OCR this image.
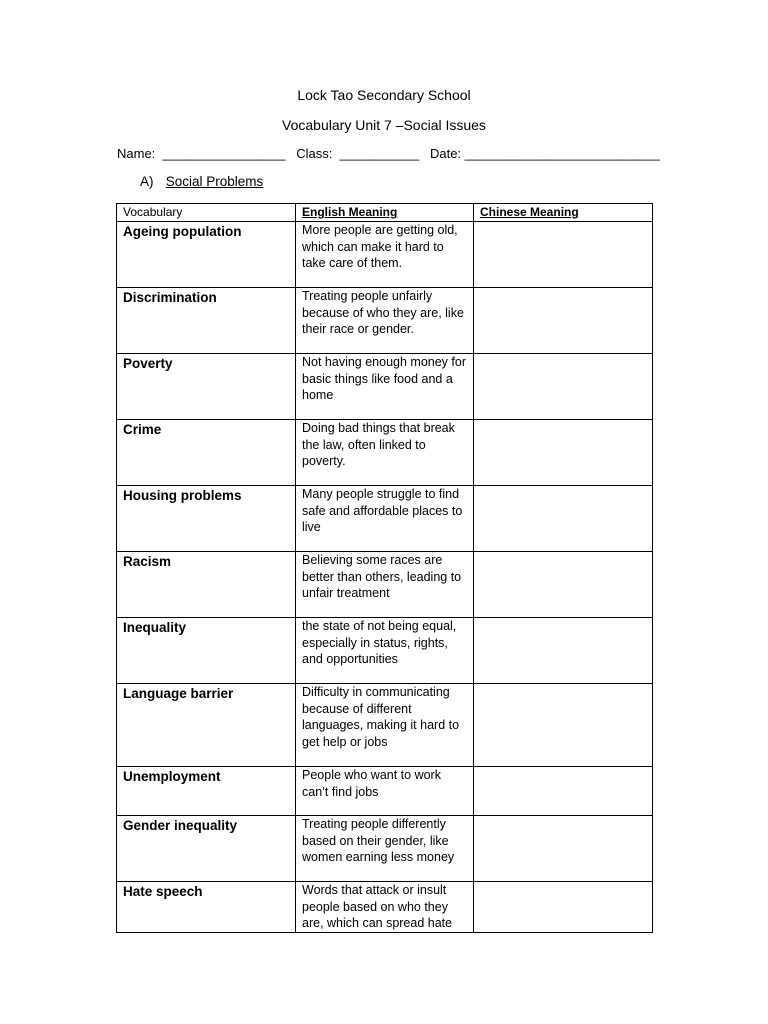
Lock Tao Secondary School
Vocabulary Unit 7 –Social Issues
Name:  _________________   Class:  ___________   Date: ___________________________
A) Social Problems
Vocabulary	English Meaning	Chinese Meaning
Ageing population	More people are getting old, which can make it hard to take care of them.	
Discrimination	Treating people unfairly because of who they are, like their race or gender.	
Poverty	Not having enough money for basic things like food and a home	
Crime	Doing bad things that break the law, often linked to poverty.	
Housing problems	Many people struggle to find safe and affordable places to live	
Racism	Believing some races are better than others, leading to unfair treatment	
Inequality	the state of not being equal, especially in status, rights, and opportunities	
Language barrier	Difficulty in communicating because of different languages, making it hard to get help or jobs	
Unemployment	People who want to work can’t find jobs	
Gender inequality	Treating people differently based on their gender, like women earning less money	
Hate speech	Words that attack or insult people based on who they are, which can spread hate	
